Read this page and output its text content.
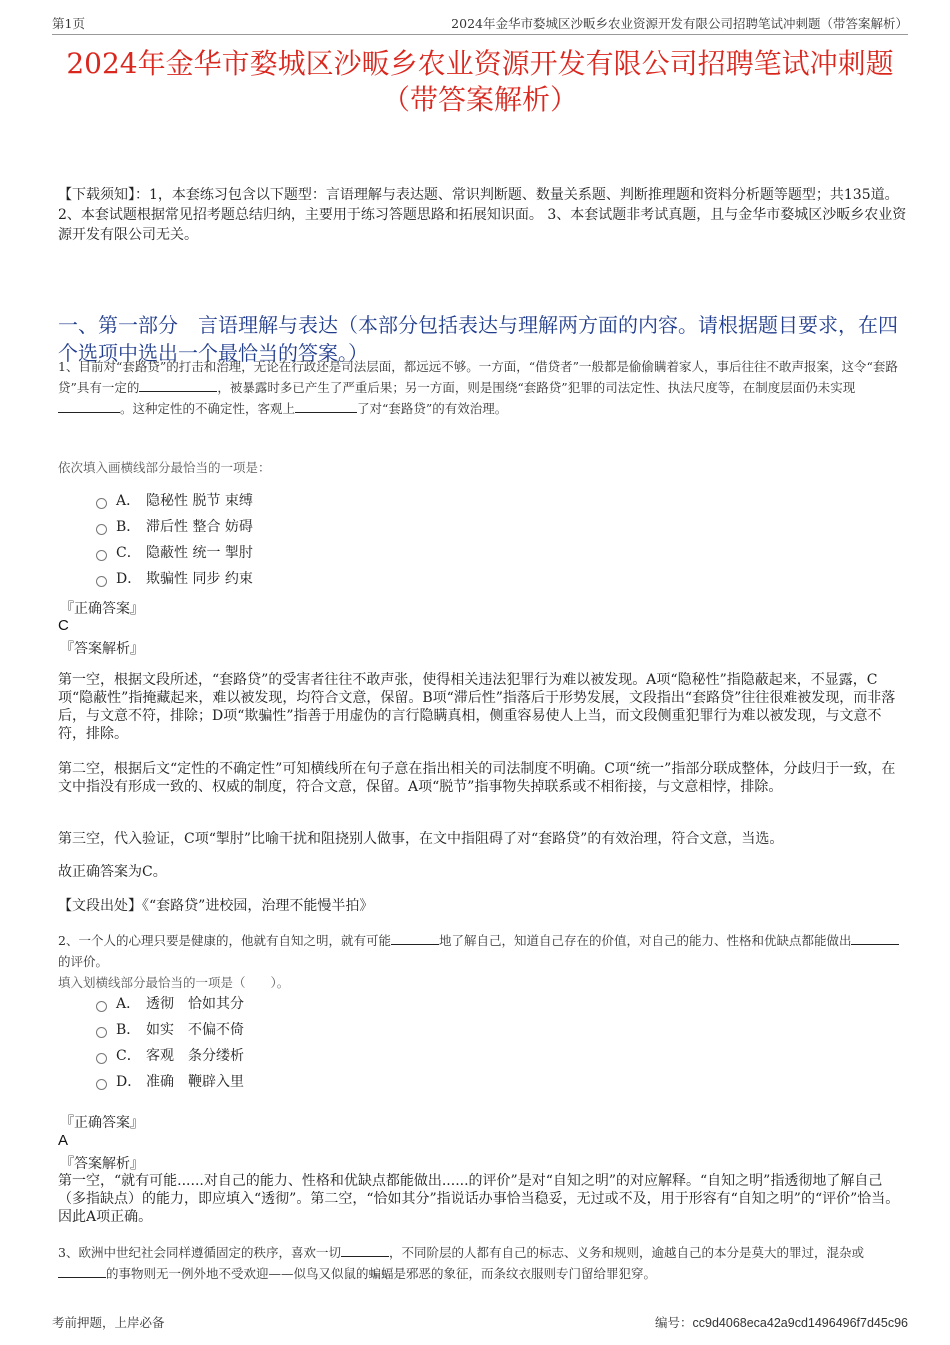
第1页	2024年金华市婺城区沙畈乡农业资源开发有限公司招聘笔试冲刺题（带答案解析）
2024年金华市婺城区沙畈乡农业资源开发有限公司招聘笔试冲刺题（带答案解析）
【下载须知】：1，本套练习包含以下题型：言语理解与表达题、常识判断题、数量关系题、判断推理题和资料分析题等题型；共135道。 2、本套试题根据常见招考题总结归纳，主要用于练习答题思路和拓展知识面。 3、本套试题非考试真题，且与金华市婺城区沙畈乡农业资源开发有限公司无关。
一、第一部分　言语理解与表达（本部分包括表达与理解两方面的内容。请根据题目要求，在四个选项中选出一个最恰当的答案。）
1、目前对“套路贷”的打击和治理，无论在行政还是司法层面，都远远不够。一方面，“借贷者”一般都是偷偷瞒着家人，事后往往不敢声报案，这令“套路贷”具有一定的	，被暴露时多已产生了严重后果；另一方面，则是围绕“套路贷”犯罪的司法定性、执法尺度等，在制度层面仍未实现。这种定性的不确定性，客观上	了对“套路贷”的有效治理。
依次填入画横线部分最恰当的一项是：
A． 隐秘性 脱节 束缚
B． 滞后性 整合 妨碍
C． 隐蔽性 统一 掣肘
D． 欺骗性 同步 约束
『正确答案』
C
『答案解析』
第一空，根据文段所述，“套路贷”的受害者往往不敢声张，使得相关违法犯罪行为难以被发现。A项“隐秘性”指隐蔽起来，不显露，C项“隐蔽性”指掩藏起来，难以被发现，均符合文意，保留。B项“滞后性”指落后于形势发展，文段指出“套路贷”往往很难被发现，而非落后，与文意不符，排除；D项“欺骗性”指善于用虚伪的言行隐瞒真相，侧重容易使人上当，而文段侧重犯罪行为难以被发现，与文意不符，排除。
第二空，根据后文“定性的不确定性”可知横线所在句子意在指出相关的司法制度不明确。C项“统一”指部分联成整体，分歧归于一致，在文中指没有形成一致的、权威的制度，符合文意，保留。A项“脱节”指事物失掉联系或不相衔接，与文意相悖，排除。
第三空，代入验证，C项“掣肘”比喻干扰和阻挠别人做事，在文中指阻碍了对“套路贷”的有效治理，符合文意，当选。
故正确答案为C。
【文段出处】《“套路贷”进校园，治理不能慢半拍》
2、一个人的心理只要是健康的，他就有自知之明，就有可能	地了解自己，知道自己存在的价值，对自己的能力、性格和优缺点都能做出的评价。
填入划横线部分最恰当的一项是（　　）。
A． 透彻　恰如其分
B． 如实　不偏不倚
C． 客观　条分缕析
D． 准确　鞭辟入里
『正确答案』
A
『答案解析』
第一空，“就有可能......对自己的能力、性格和优缺点都能做出......的评价”是对“自知之明”的对应解释。“自知之明”指透彻地了解自己（多指缺点）的能力，即应填入“透彻”。第二空，“恰如其分”指说话办事恰当稳妥，无过或不及，用于形容有“自知之明”的“评价”恰当。因此A项正确。
3、欧洲中世纪社会同样遵循固定的秩序，喜欢一切	，不同阶层的人都有自己的标志、义务和规则，逾越自己的本分是莫大的罪过，混杂或的事物则无一例外地不受欢迎——似鸟又似鼠的蝙蝠是邪恶的象征，而条纹衣服则专门留给罪犯穿。
考前押题，上岸必备	编号：cc9d4068eca42a9cd1496496f7d45c96
